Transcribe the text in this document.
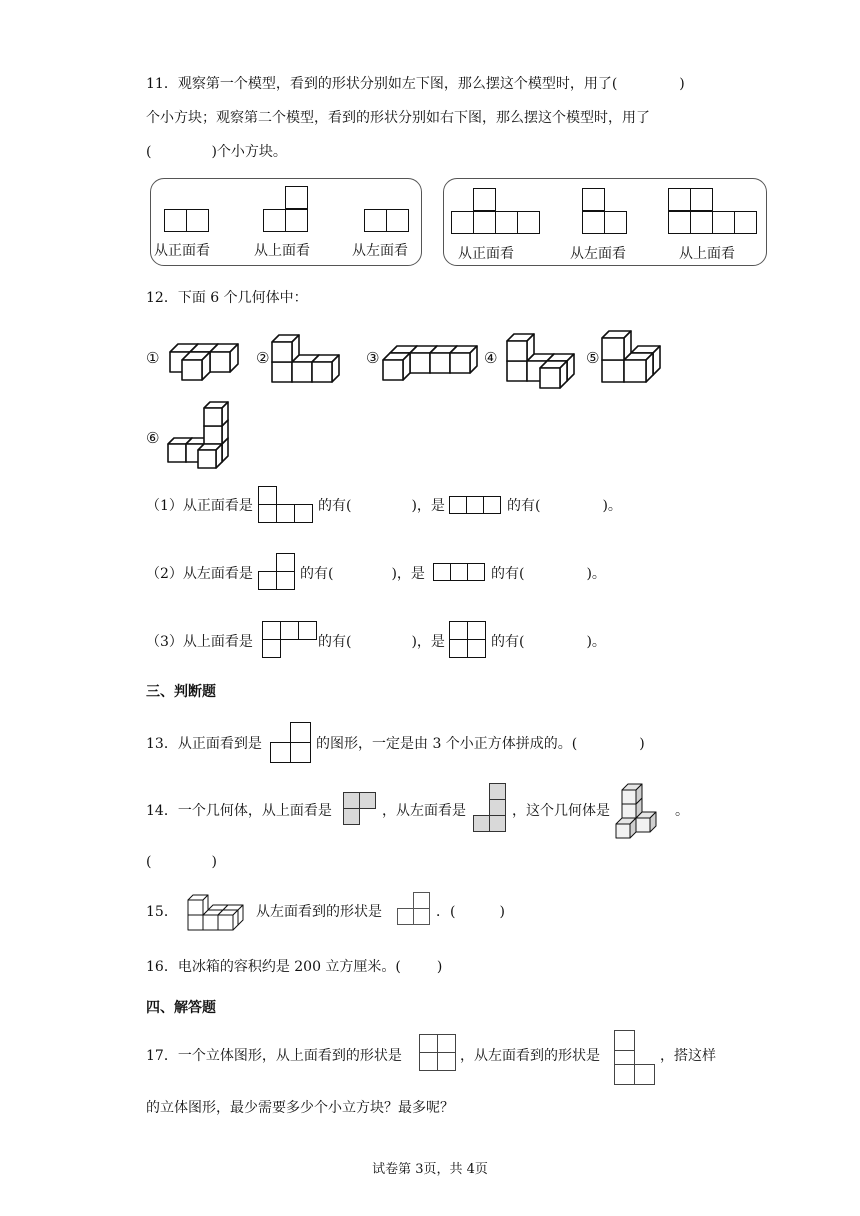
11．观察第一个模型，看到的形状分别如左下图，那么摆这个模型时，用了(	)
个小方块；观察第二个模型，看到的形状分别如右下图，那么摆这个模型时，用了
(	)个小方块。
从正面看	从上面看	从左面看	从正面看	从左面看	从上面看
12．下面 6 个几何体中：
①	②	③	④	⑤
⑥
（1）从正面看是	的有(	)，是	的有(	)。
（2）从左面看是	的有(	)，是	的有(	)。
（3）从上面看是	的有(	)，是	的有(	)。
三、判断题
13．从正面看到是	的图形，一定是由 3 个小正方体拼成的。(	)
14．一个几何体，从上面看是	，从左面看是	，这个几何体是	。
(	)
15．	从左面看到的形状是	．(	)
16．电冰箱的容积约是 200 立方厘米。(	)
四、解答题
17．一个立体图形，从上面看到的形状是	，从左面看到的形状是	，搭这样
的立体图形，最少需要多少个小立方块？最多呢？
试卷第 3页，共 4页
